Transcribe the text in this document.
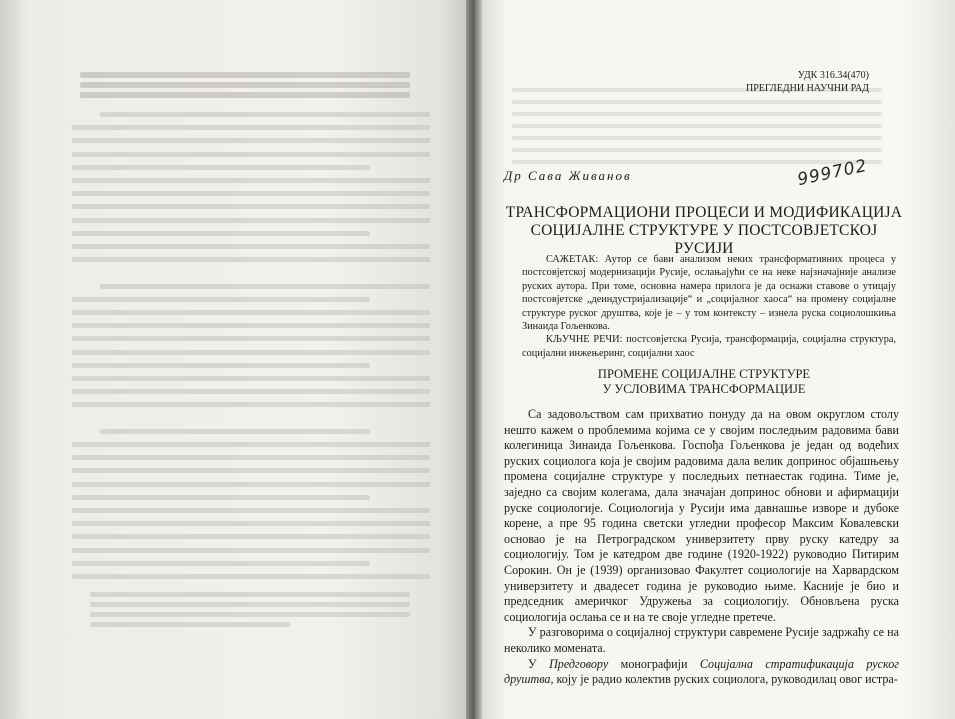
УДК 316.34(470)
ПРЕГЛЕДНИ НАУЧНИ РАД
Др Сава Живанов	999702
ТРАНСФОРМАЦИОНИ ПРОЦЕСИ И МОДИФИКАЦИЈА
СОЦИЈАЛНЕ СТРУКТУРЕ У ПОСТСОВЈЕТСКОЈ РУСИЈИ

САЖЕТАК: Аутор се бави анализом неких трансформативних процеса у постсовјетској модернизацији Русије, ослањајући се на неке најзначајније анализе руских аутора. При томе, основна намера прилога је да оснажи ставове о утицају постсовјетске „деиндустријализације“ и „социјалног хаоса“ на промену социјалне структуре руског друштва, које је – у том контексту – изнела руска социолошкиња Зинаида Гољенкова.

КЉУЧНЕ РЕЧИ: постсовјетска Русија, трансформација, социјална структура, социјални инжењеринг, социјални хаос

ПРОМЕНЕ СОЦИЈАЛНЕ СТРУКТУРЕ
У УСЛОВИМА ТРАНСФОРМАЦИЈЕ

Са задовољством сам прихватио понуду да на овом округлом столу нешто кажем о проблемима којима се у својим последњим радовима бави колегиница Зинаида Гољенкова. Госпођа Гољенкова је један од водећих руских социолога која је својим радовима дала велик допринос објашњењу промена социјалне структуре у последњих петнаестак година. Тиме је, заједно са својим колегама, дала значајан допринос обнови и афирмацији руске социологије. Социологија у Русији има давнашње изворе и дубоке корене, а пре 95 година светски угледни професор Максим Ковалевски основао је на Петроградском универзитету прву руску катедру за социологију. Том је катедром две године (1920-1922) руководио Питирим Сорокин. Он је (1939) организовао Факултет социологије на Харвардском универзитету и двадесет година је руководио њиме. Касније је био и председник америчког Удружења за социологију. Обновљена руска социологија ослања се и на те своје угледне претече.

У разговорима о социјалној структури савремене Русије задржаћу се на неколико момената.

У Предговору монографији Социјална стратификација руског друштва, коју је радио колектив руских социолога, руководилац овог истра-
